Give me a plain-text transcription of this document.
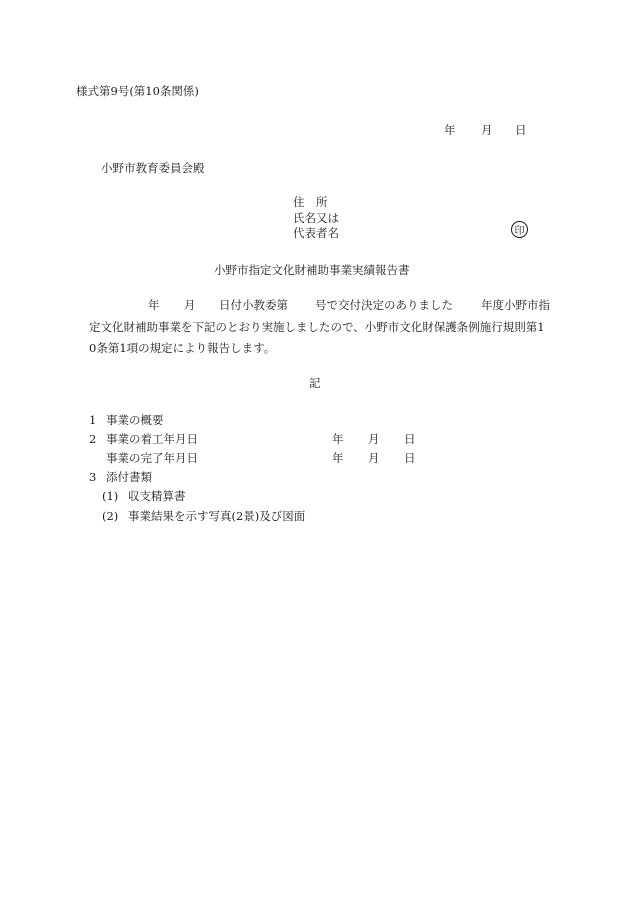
様式第9号(第10条関係)
年 月 日
小野市教育委員会殿
住　所
氏名又は
代表者名	印
小野市指定文化財補助事業実績報告書
年 月 日付小教委第 号で交付決定のありました 年度小野市指
定文化財補助事業を下記のとおり実施しましたので、小野市文化財保護条例施行規則第1
0条第1項の規定により報告します。
記
1 事業の概要
2 事業の着工年月日	年 月 日
事業の完了年月日	年 月 日
3 添付書類
(1) 収支精算書
(2) 事業結果を示す写真(2景)及び図面
